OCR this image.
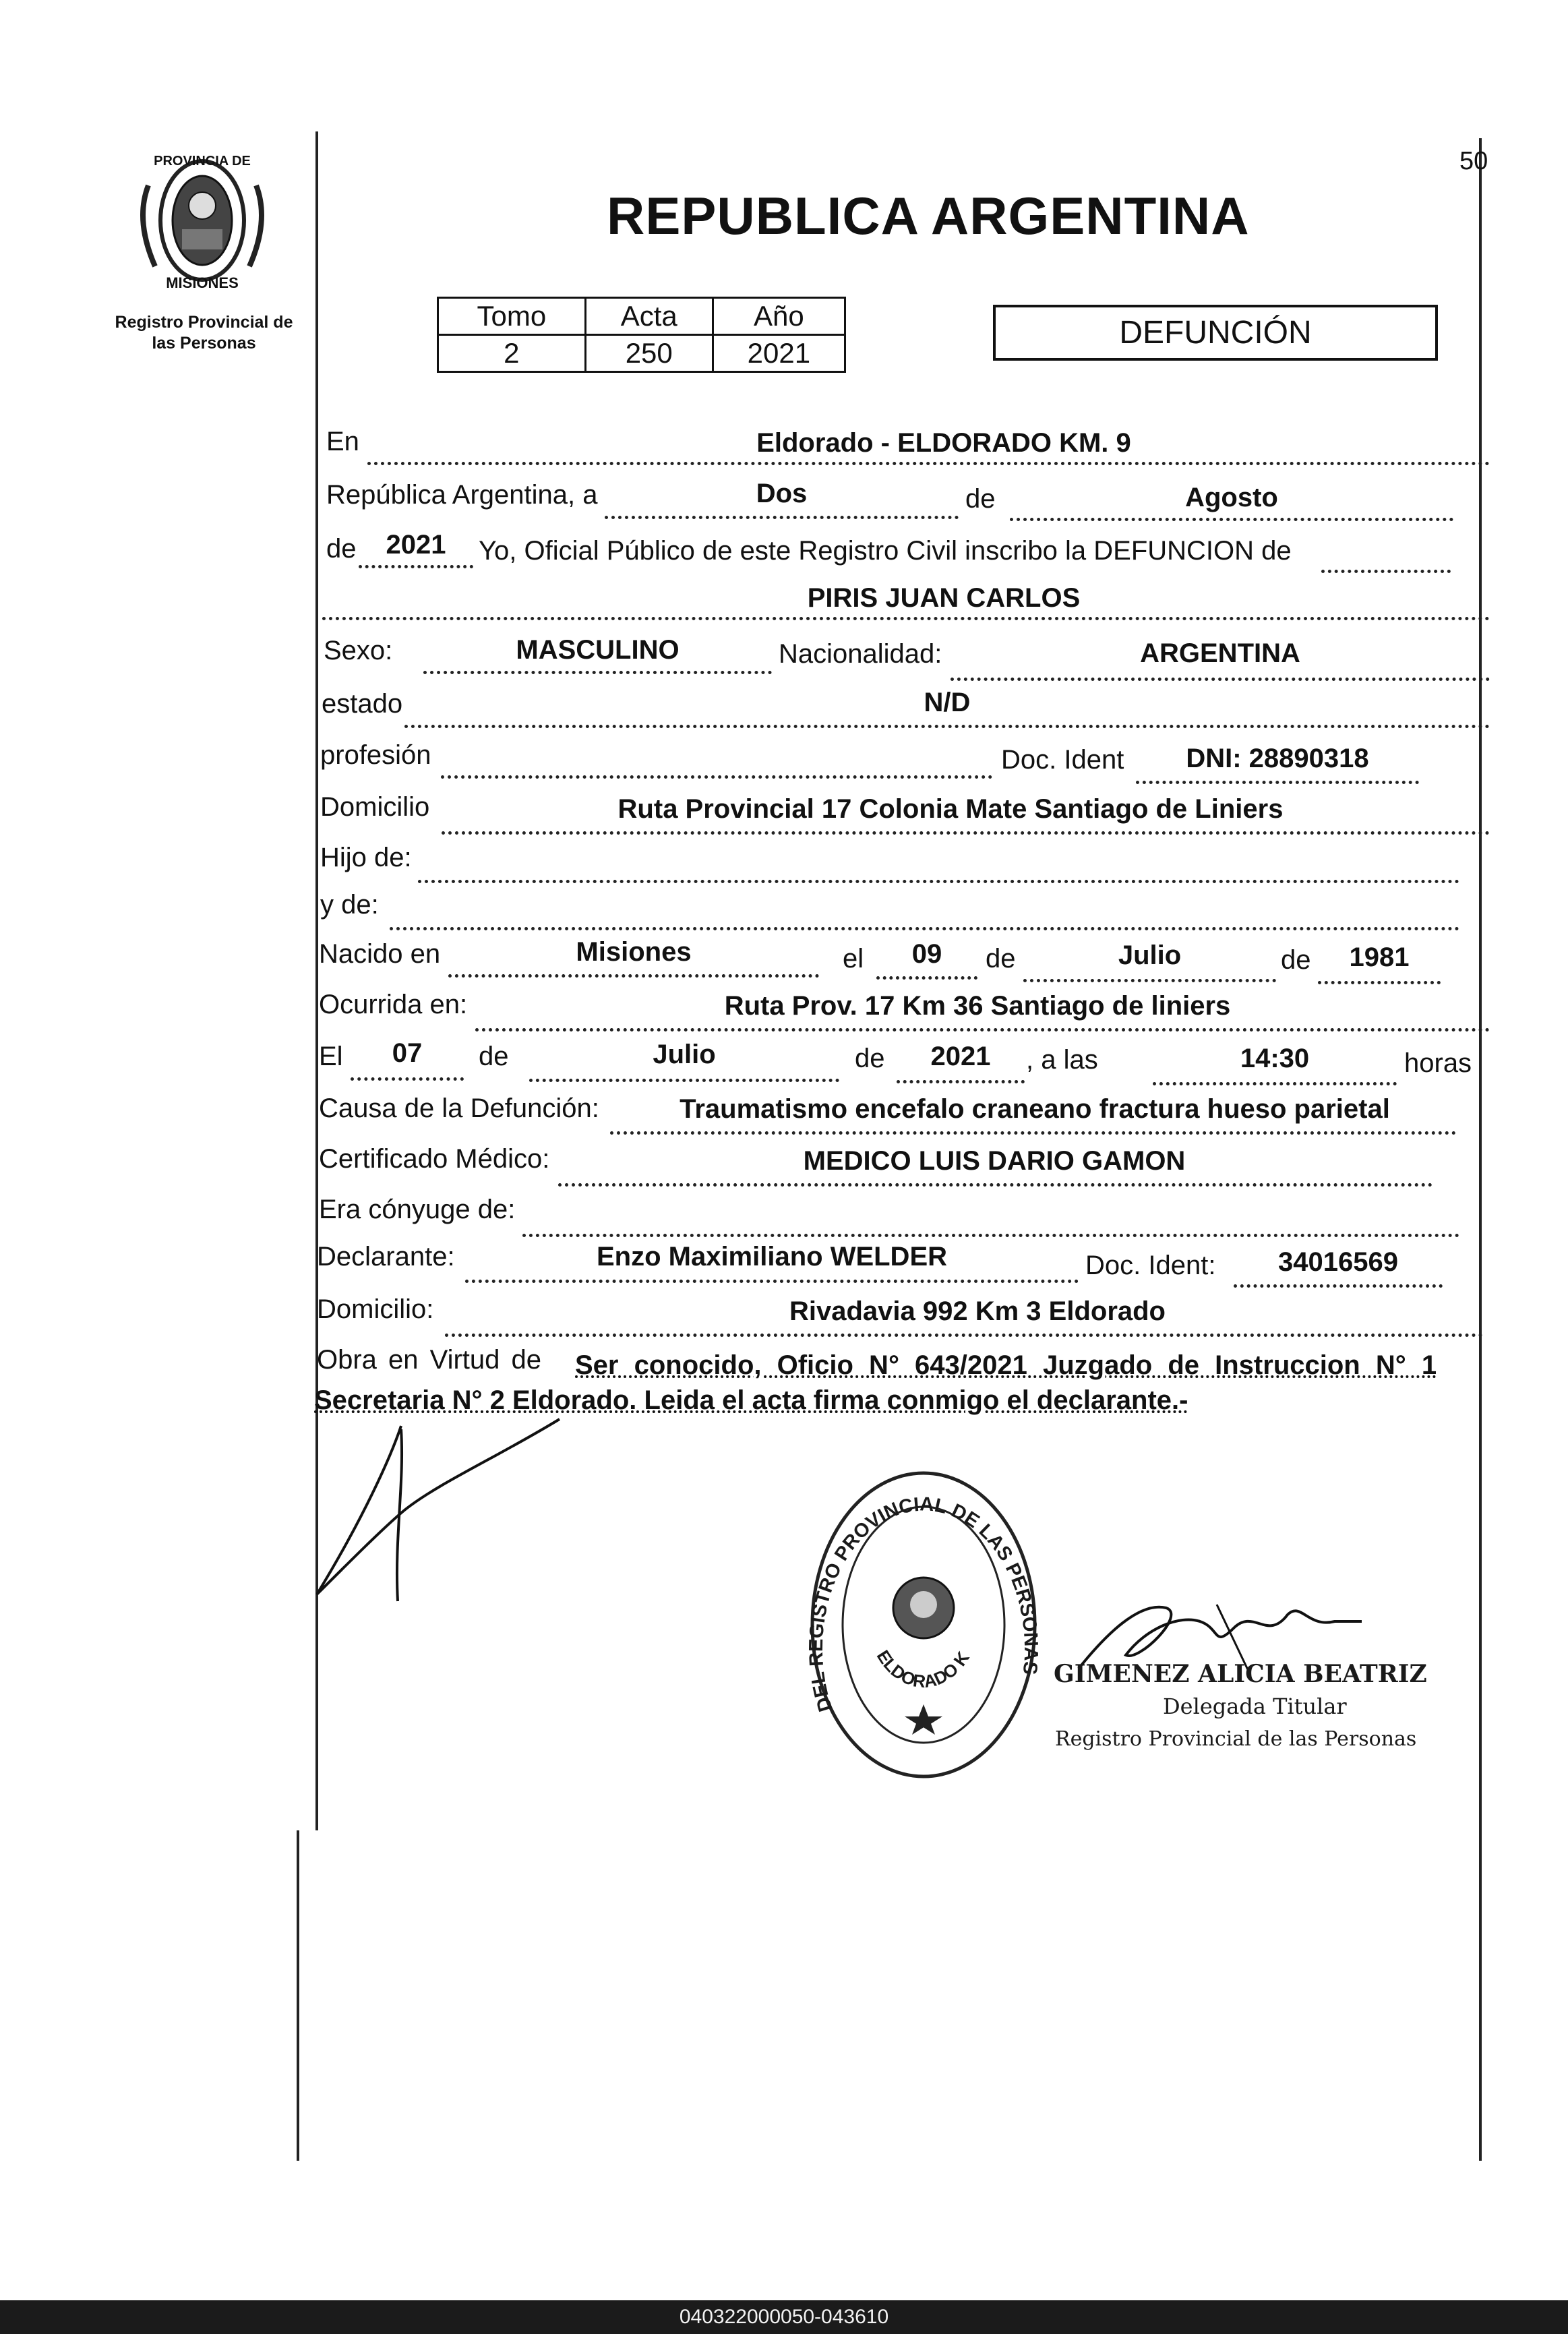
PROVINCIA DE
MISIONES
Registro Provincial de
las Personas
50
REPUBLICA ARGENTINA
Tomo	Acta	Año
2	250	2021
DEFUNCIÓN
En	Eldorado - ELDORADO KM. 9
República Argentina, a	Dos	de	Agosto
de	2021	Yo, Oficial Público de este Registro Civil inscribo la DEFUNCION de
PIRIS JUAN CARLOS
Sexo:	MASCULINO	Nacionalidad:	ARGENTINA
estado	N/D
profesión	Doc. Ident	DNI: 28890318
Domicilio	Ruta Provincial 17 Colonia Mate Santiago de Liniers
Hijo de:
y de:
Nacido en	Misiones	el	09	de	Julio	de	1981
Ocurrida en:	Ruta Prov. 17 Km 36 Santiago de liniers
El	07	de	Julio	de	2021	, a las	14:30	horas
Causa de la Defunción:	Traumatismo encefalo craneano fractura hueso parietal
Certificado Médico:	MEDICO LUIS DARIO GAMON
Era cónyuge de:
Declarante:	Enzo Maximiliano WELDER	Doc. Ident:	34016569
Domicilio:	Rivadavia 992 Km 3 Eldorado
Obra en Virtud de Ser conocido, Oficio N° 643/2021 Juzgado de Instruccion N° 1
Secretaria N° 2 Eldorado. Leida el acta firma conmigo el declarante.-
DEL REGISTRO PROVINCIAL DE LAS PERSONAS
ELDORADO K
GIMENEZ ALICIA BEATRIZ
Delegada Titular
Registro Provincial de las Personas
040322000050-043610
